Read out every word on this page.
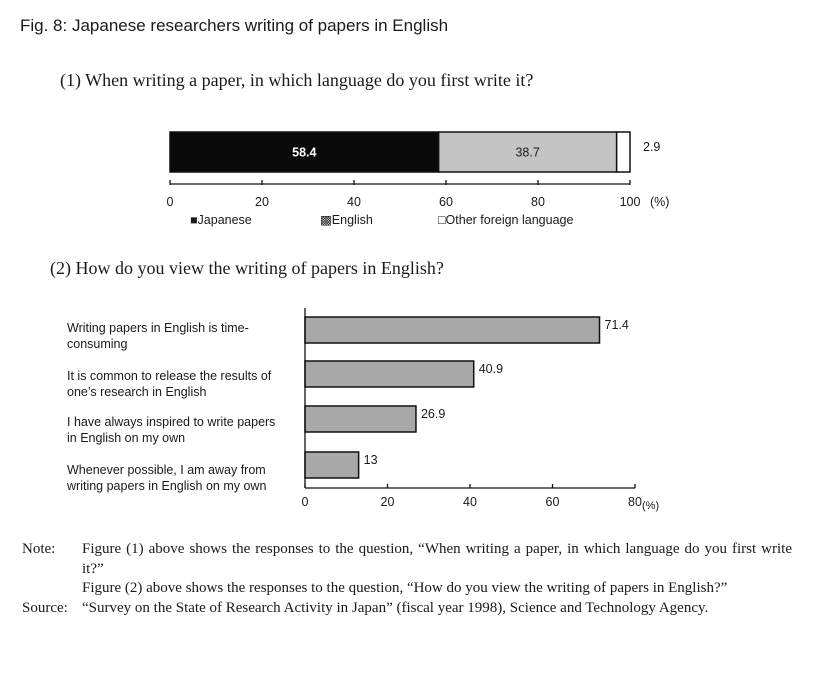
Fig. 8: Japanese researchers writing of papers in English
(1) When writing a paper, in which language do you first write it?
58.4	38.7	2.9
0	20	40	60	80	100 (%)
■Japanese	▩English	□Other foreign language
(2) How do you view the writing of papers in English?
Writing papers in English is time-
consuming
It is common to release the results of
one’s research in English
I have always inspired to write papers
in English on my own
Whenever possible, I am away from
writing papers in English on my own
71.4
40.9
26.9
13
0	20	40	60	80 (%)
Note:	Figure (1) above shows the responses to the question, “When writing a paper, in which language do you first write it?”

Figure (2) above shows the responses to the question, “How do you view the writing of papers in English?”

Source: “Survey on the State of Research Activity in Japan” (fiscal year 1998), Science and Technology Agency.
